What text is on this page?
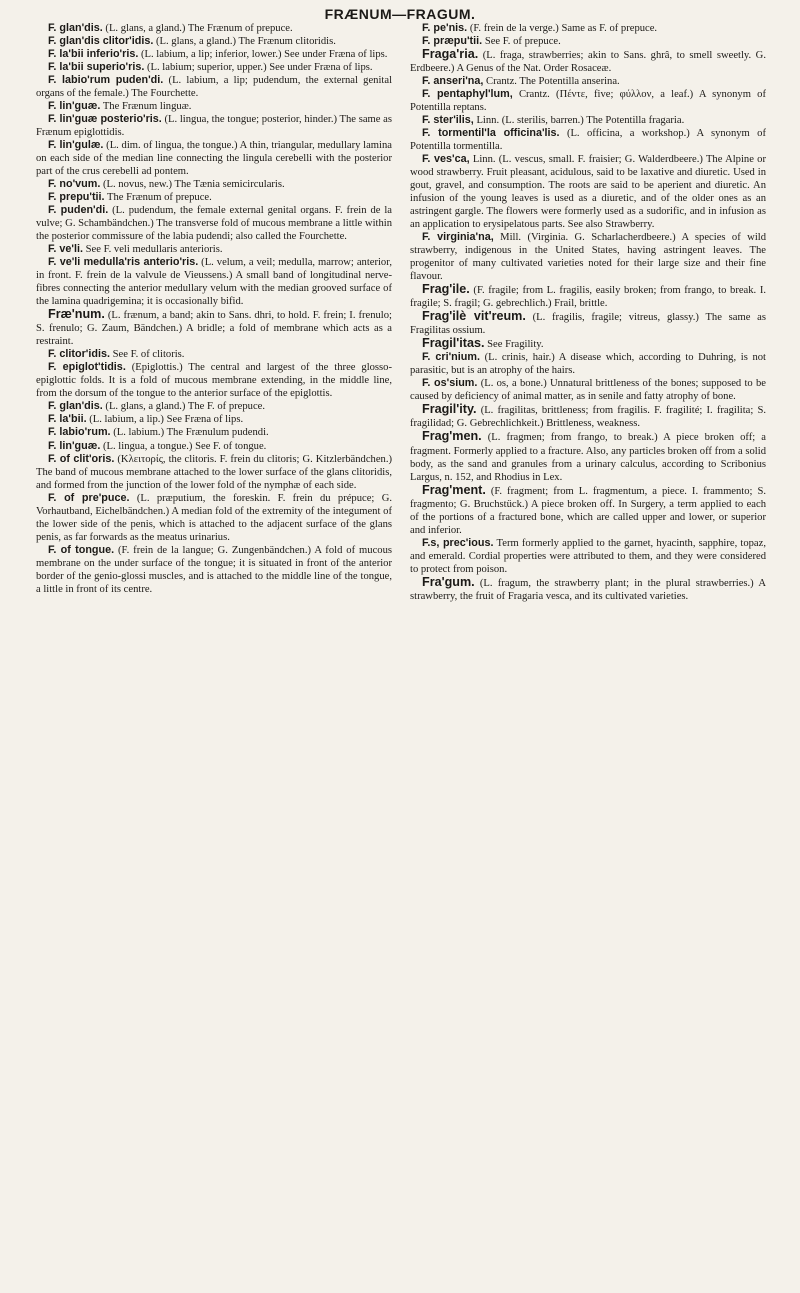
FRÆNUM—FRAGUM.

F. glan'dis. (L. glans, a gland.) The Frænum of prepuce.

F. glan'dis clitor'idis. (L. glans, a gland.) The Frænum clitoridis.

F. la'bii inferio'ris. (L. labium, a lip; inferior, lower.) See under Fræna of lips.

F. la'bii superio'ris. (L. labium; superior, upper.) See under Fræna of lips.

F. labio'rum puden'di. (L. labium, a lip; pudendum, the external genital organs of the female.) The Fourchette.

F. lin'guæ. The Frænum linguæ.

F. lin'guæ posterio'ris. (L. lingua, the tongue; posterior, hinder.) The same as Frænum epiglottidis.

F. lin'gulæ. (L. dim. of lingua, the tongue.) A thin, triangular, medullary lamina on each side of the median line connecting the lingula cerebelli with the posterior part of the crus cerebelli ad pontem.

F. no'vum. (L. novus, new.) The Tænia semicircularis.

F. prepu'tii. The Frænum of prepuce.

F. puden'di. (L. pudendum, the female external genital organs. F. frein de la vulve; G. Schambändchen.) The transverse fold of mucous membrane a little within the posterior commissure of the labia pudendi; also called the Fourchette.

F. ve'li. See F. veli medullaris anterioris.

F. ve'li medulla'ris anterio'ris. (L. velum, a veil; medulla, marrow; anterior, in front. F. frein de la valvule de Vieussens.) A small band of longitudinal nerve-fibres connecting the anterior medullary velum with the median grooved surface of the lamina quadrigemina; it is occasionally bifid.

Fræ'num. (L. frænum, a band; akin to Sans. dhri, to hold. F. frein; I. frenulo; S. frenulo; G. Zaum, Bändchen.) A bridle; a fold of membrane which acts as a restraint.

F. clitor'idis. See F. of clitoris.

F. epiglot'tidis. (Epiglottis.) The central and largest of the three glosso-epiglottic folds. It is a fold of mucous membrane extending, in the middle line, from the dorsum of the tongue to the anterior surface of the epiglottis.

F. glan'dis. (L. glans, a gland.) The F. of prepuce.

F. la'bii. (L. labium, a lip.) See Fræna of lips.

F. labio'rum. (L. labium.) The Frænulum pudendi.

F. lin'guæ. (L. lingua, a tongue.) See F. of tongue.

F. of clit'oris. (Κλειτορίς, the clitoris. F. frein du clitoris; G. Kitzlerbändchen.) The band of mucous membrane attached to the lower surface of the glans clitoridis, and formed from the junction of the lower fold of the nymphæ of each side.

F. of pre'puce. (L. præputium, the foreskin. F. frein du prépuce; G. Vorhautband, Eichelbändchen.) A median fold of the extremity of the integument of the lower side of the penis, which is attached to the adjacent surface of the glans penis, as far forwards as the meatus urinarius.

F. of tongue. (F. frein de la langue; G. Zungenbändchen.) A fold of mucous membrane on the under surface of the tongue; it is situated in front of the anterior border of the genio-glossi muscles, and is attached to the middle line of the tongue, a little in front of its centre.

F. pe'nis. (F. frein de la verge.) Same as F. of prepuce.

F. præpu'tii. See F. of prepuce.

Fraga'ria. (L. fraga, strawberries; akin to Sans. ghrâ, to smell sweetly. G. Erdbeere.) A Genus of the Nat. Order Rosaceæ.

F. anseri'na, Crantz. The Potentilla anserina.

F. pentaphyl'lum, Crantz. (Πέντε, five; φύλλον, a leaf.) A synonym of Potentilla reptans.

F. ster'ilis, Linn. (L. sterilis, barren.) The Potentilla fragaria.

F. tormentil'la officina'lis. (L. officina, a workshop.) A synonym of Potentilla tormentilla.

F. ves'ca, Linn. (L. vescus, small. F. fraisier; G. Walderdbeere.) The Alpine or wood strawberry. Fruit pleasant, acidulous, said to be laxative and diuretic. Used in gout, gravel, and consumption. The roots are said to be aperient and diuretic. An infusion of the young leaves is used as a diuretic, and of the older ones as an astringent gargle. The flowers were formerly used as a sudorific, and in infusion as an application to erysipelatous parts. See also Strawberry.

F. virginia'na, Mill. (Virginia. G. Scharlacherdbeere.) A species of wild strawberry, indigenous in the United States, having astringent leaves. The progenitor of many cultivated varieties noted for their large size and their fine flavour.

Frag'ile. (F. fragile; from L. fragilis, easily broken; from frango, to break. I. fragile; S. fragil; G. gebrechlich.) Frail, brittle.

Frag'ilè vit'reum. (L. fragilis, fragile; vitreus, glassy.) The same as Fragilitas ossium.

Fragil'itas. See Fragility.

F. cri'nium. (L. crinis, hair.) A disease which, according to Duhring, is not parasitic, but is an atrophy of the hairs.

F. os'sium. (L. os, a bone.) Unnatural brittleness of the bones; supposed to be caused by deficiency of animal matter, as in senile and fatty atrophy of bone.

Fragil'ity. (L. fragilitas, brittleness; from fragilis. F. fragilité; I. fragilita; S. fragilidad; G. Gebrechlichkeit.) Brittleness, weakness.

Frag'men. (L. fragmen; from frango, to break.) A piece broken off; a fragment. Formerly applied to a fracture. Also, any particles broken off from a solid body, as the sand and granules from a urinary calculus, according to Scribonius Largus, n. 152, and Rhodius in Lex.

Frag'ment. (F. fragment; from L. fragmentum, a piece. I. frammento; S. fragmento; G. Bruchstück.) A piece broken off. In Surgery, a term applied to each of the portions of a fractured bone, which are called upper and lower, or superior and inferior.

F.s, prec'ious. Term formerly applied to the garnet, hyacinth, sapphire, topaz, and emerald. Cordial properties were attributed to them, and they were considered to protect from poison.

Fra'gum. (L. fragum, the strawberry plant; in the plural strawberries.) A strawberry, the fruit of Fragaria vesca, and its cultivated varieties.
